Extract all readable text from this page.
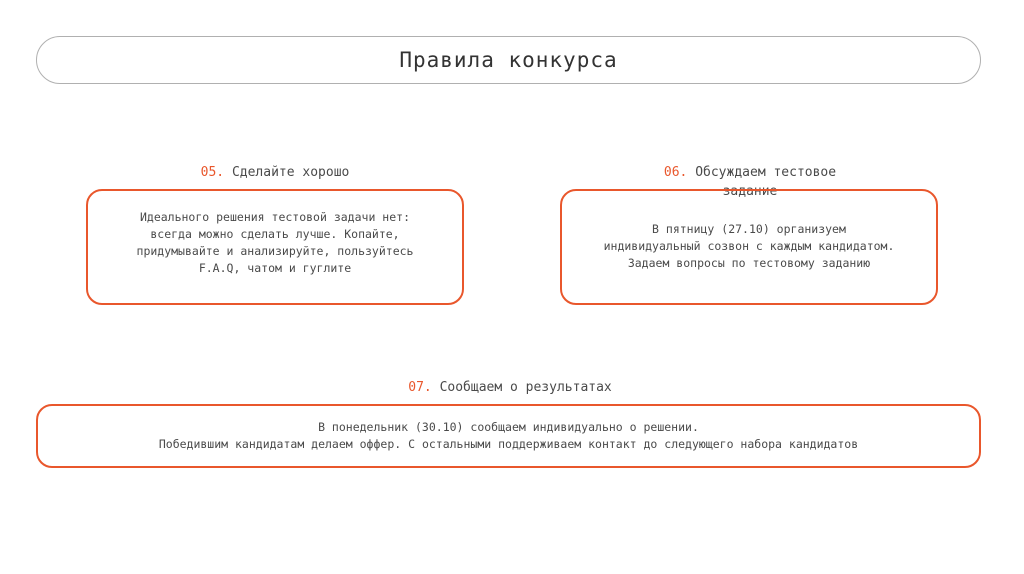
Правила конкурса
05. Сделайте хорошо
Идеального решения тестовой задачи нет:
всегда можно сделать лучше. Копайте,
придумывайте и анализируйте, пользуйтесь
F.A.Q, чатом и гуглите
06. Обсуждаем тестовое
задание
В пятницу (27.10) организуем
индивидуальный созвон с каждым кандидатом.
Задаем вопросы по тестовому заданию
07. Сообщаем о результатах
В понедельник (30.10) сообщаем индивидуально о решении.
Победившим кандидатам делаем оффер. С остальными поддерживаем контакт до следующего набора кандидатов
